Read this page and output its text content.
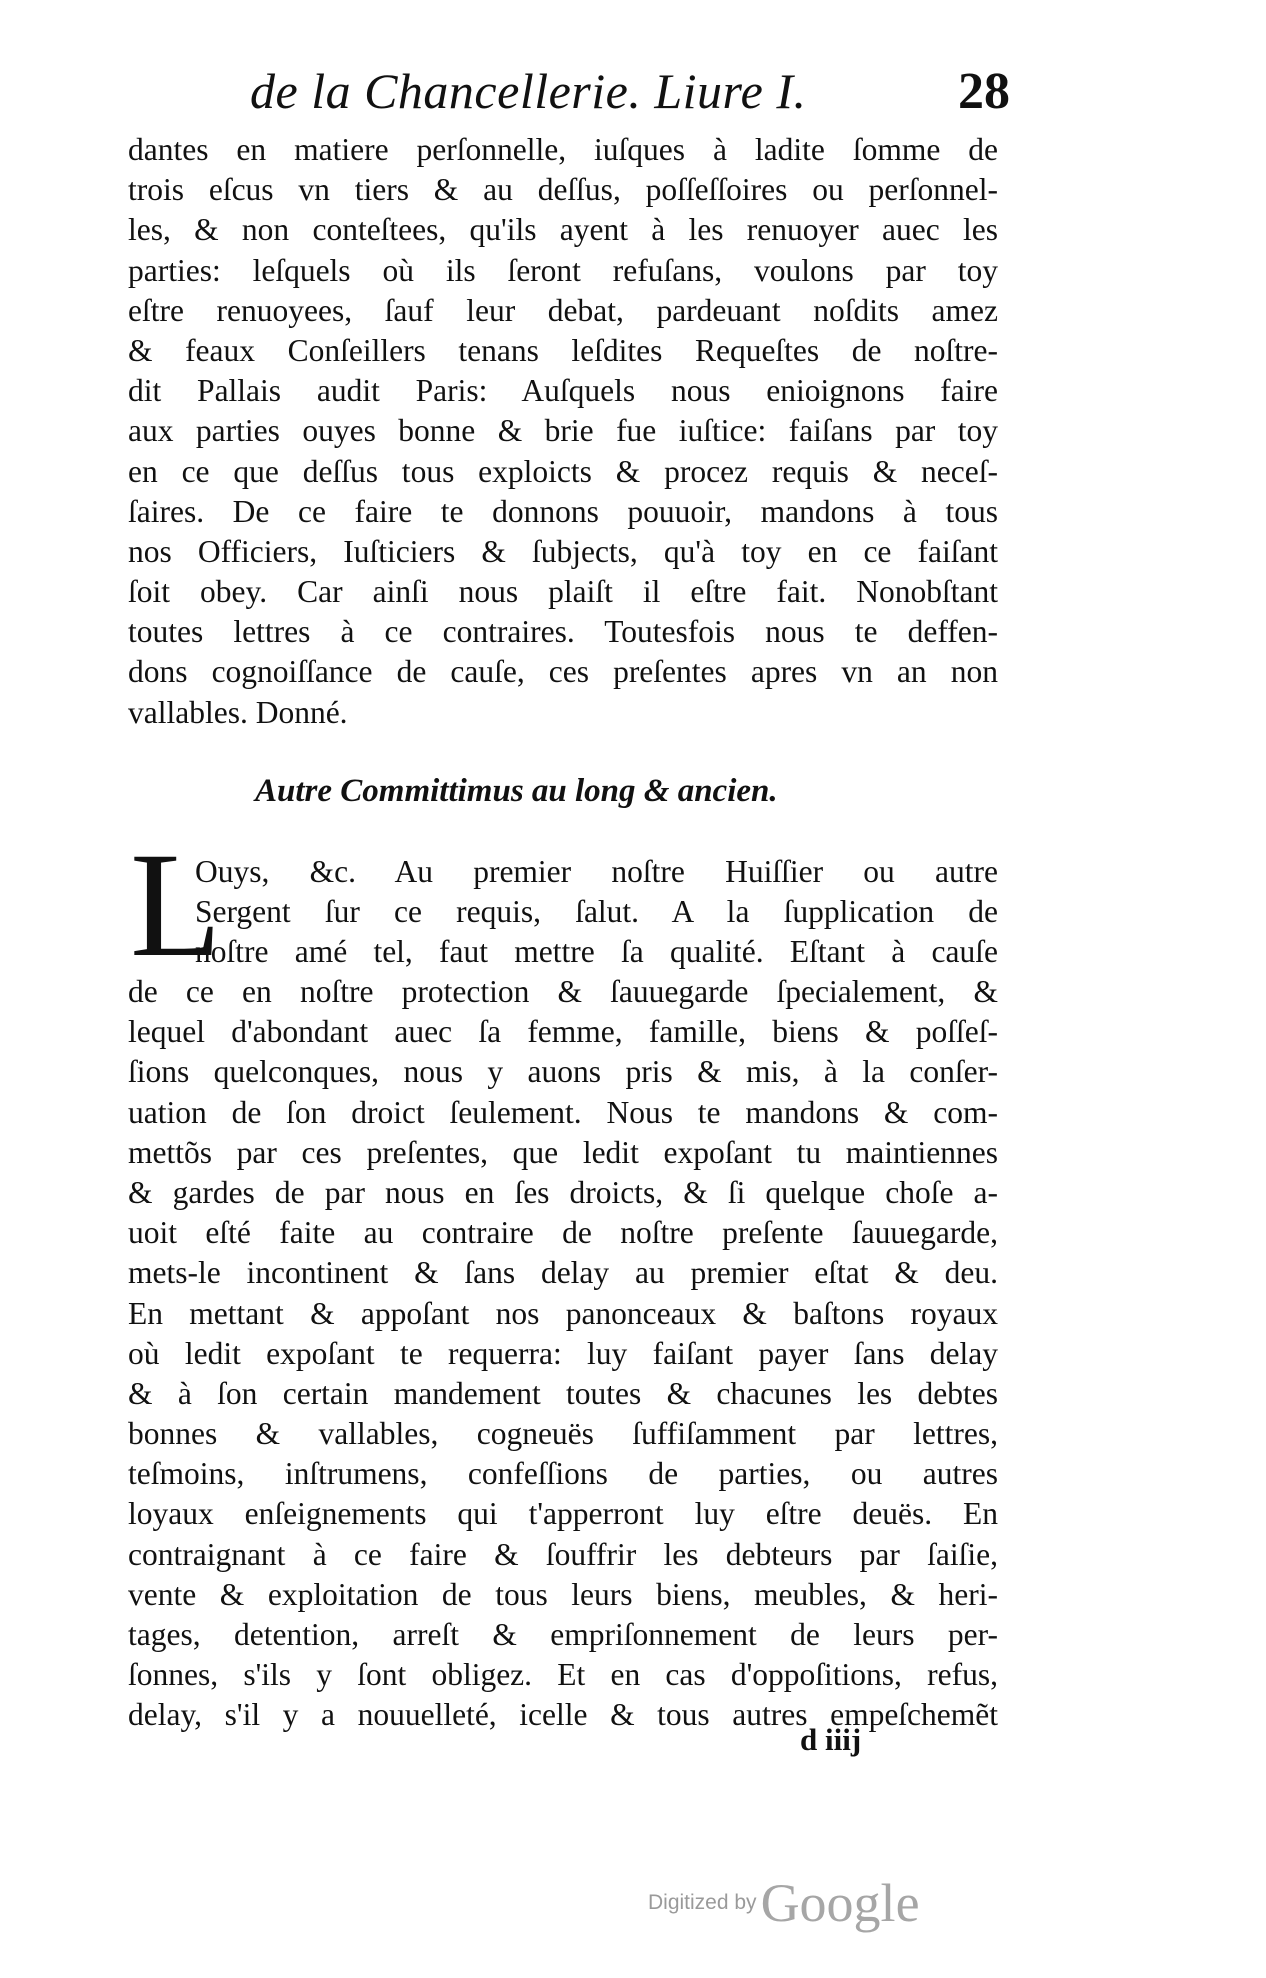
de la Chancellerie. Liure I.	28
dantes en matiere perſonnelle, iuſques à ladite ſomme de
trois eſcus vn tiers & au deſſus, poſſeſſoires ou perſonnel-
les, & non conteſtees, qu'ils ayent à les renuoyer auec les
parties: leſquels où ils ſeront refuſans, voulons par toy
eſtre renuoyees, ſauf leur debat, pardeuant noſdits amez
& feaux Conſeillers tenans leſdites Requeſtes de noſtre-
dit Pallais audit Paris: Auſquels nous enioignons faire
aux parties ouyes bonne & brie fue iuſtice: faiſans par toy
en ce que deſſus tous exploicts & procez requis & neceſ-
ſaires. De ce faire te donnons pouuoir, mandons à tous
nos Officiers, Iuſticiers & ſubjects, qu'à toy en ce faiſant
ſoit obey. Car ainſi nous plaiſt il eſtre fait. Nonobſtant
toutes lettres à ce contraires. Toutesfois nous te deffen-
dons cognoiſſance de cauſe, ces preſentes apres vn an non
vallables. Donné.
Autre Committimus au long & ancien.
L
Ouys, &c. Au premier noſtre Huiſſier ou autre
Sergent ſur ce requis, ſalut. A la ſupplication de
noſtre amé tel, faut mettre ſa qualité. Eſtant à cauſe
de ce en noſtre protection & ſauuegarde ſpecialement, &
lequel d'abondant auec ſa femme, famille, biens & poſſeſ-
ſions quelconques, nous y auons pris & mis, à la conſer-
uation de ſon droict ſeulement. Nous te mandons & com-
mettõs par ces preſentes, que ledit expoſant tu maintiennes
& gardes de par nous en ſes droicts, & ſi quelque choſe a-
uoit eſté faite au contraire de noſtre preſente ſauuegarde,
mets-le incontinent & ſans delay au premier eſtat & deu.
En mettant & appoſant nos panonceaux & baſtons royaux
où ledit expoſant te requerra: luy faiſant payer ſans delay
& à ſon certain mandement toutes & chacunes les debtes
bonnes & vallables, cogneuës ſuffiſamment par lettres,
teſmoins, inſtrumens, confeſſions de parties, ou autres
loyaux enſeignements qui t'apperront luy eſtre deuës. En
contraignant à ce faire & ſouffrir les debteurs par ſaiſie,
vente & exploitation de tous leurs biens, meubles, & heri-
tages, detention, arreſt & empriſonnement de leurs per-
ſonnes, s'ils y ſont obligez. Et en cas d'oppoſitions, refus,
delay, s'il y a nouuelleté, icelle & tous autres empeſchemẽt
d iiij
Digitized by Google
